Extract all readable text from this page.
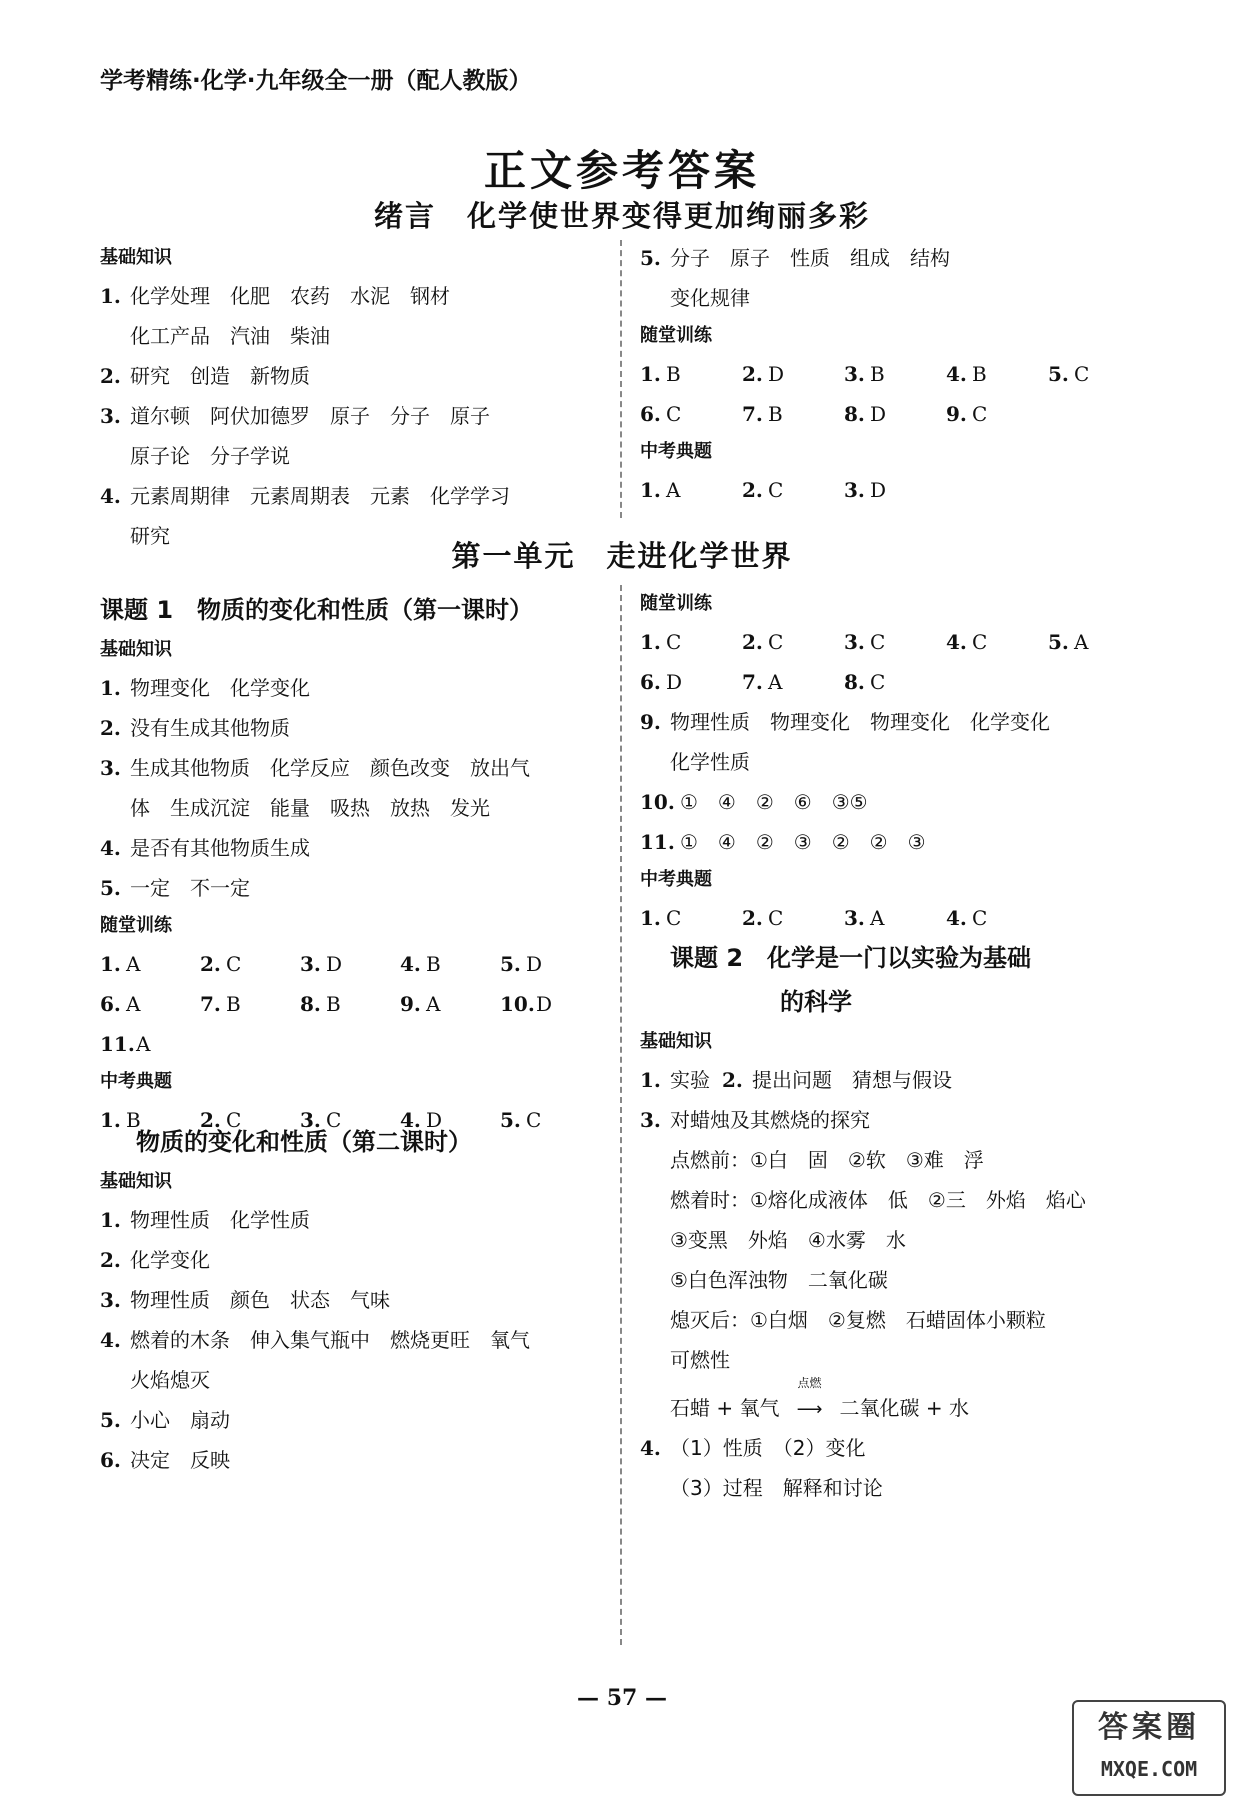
学考精练·化学·九年级全一册（配人教版）
正文参考答案
绪言　化学使世界变得更加绚丽多彩
基础知识
1. 化学处理　化肥　农药　水泥　钢材
化工产品　汽油　柴油
2. 研究　创造　新物质
3. 道尔顿　阿伏加德罗　原子　分子　原子
原子论　分子学说
4. 元素周期律　元素周期表　元素　化学学习
研究
5. 分子　原子　性质　组成　结构
变化规律
随堂训练
1. B	2. D	3. B	4. B	5. C
6. C	7. B	8. D	9. C
中考典题
1. A	2. C	3. D
第一单元　走进化学世界
课题 1　物质的变化和性质（第一课时）
基础知识
1. 物理变化　化学变化
2. 没有生成其他物质
3. 生成其他物质　化学反应　颜色改变　放出气
体　生成沉淀　能量　吸热　放热　发光
4. 是否有其他物质生成
5. 一定　不一定
随堂训练
1. A	2. C	3. D	4. B	5. D
6. A	7. B	8. B	9. A	10.D
11.A
中考典题
1. B	2. C	3. C	4. D	5. C
物质的变化和性质（第二课时）
基础知识
1. 物理性质　化学性质
2. 化学变化
3. 物理性质　颜色　状态　气味
4. 燃着的木条　伸入集气瓶中　燃烧更旺　氧气
火焰熄灭
5. 小心　扇动
6. 决定　反映
随堂训练
1. C	2. C	3. C	4. C	5. A
6. D	7. A	8. C
9. 物理性质　物理变化　物理变化　化学变化
化学性质
10. ①　④　②　⑥　③⑤
11. ①　④　②　③　②　②　③
中考典题
1. C	2. C	3. A	4. C
课题 2　化学是一门以实验为基础
的科学
基础知识
1. 实验 2. 提出问题　猜想与假设
3. 对蜡烛及其燃烧的探究
点燃前：①白　固　②软　③难　浮
燃着时：①熔化成液体　低　②三　外焰　焰心
③变黑　外焰　④水雾　水
⑤白色浑浊物　二氧化碳
熄灭后：①白烟　②复燃　石蜡固体小颗粒
可燃性
石蜡 + 氧气
点燃
⟶ 二氧化碳 + 水
4. （1）性质　（2）变化
（3）过程　解释和讨论
— 57 —
答案圈
MXQE.COM
